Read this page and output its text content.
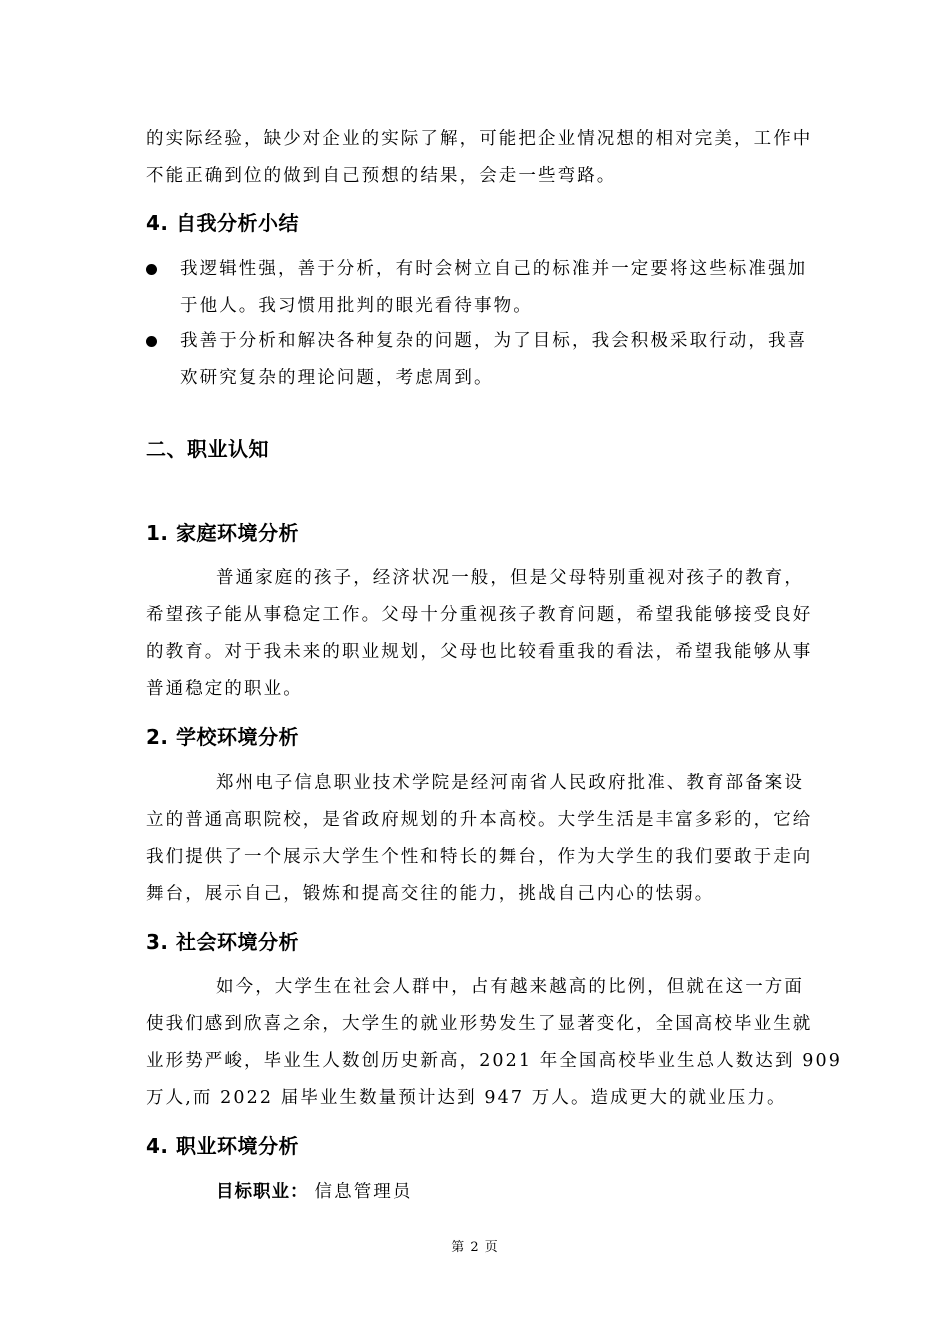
的实际经验，缺少对企业的实际了解，可能把企业情况想的相对完美，工作中
不能正确到位的做到自己预想的结果，会走一些弯路。
4. 自我分析小结
我逻辑性强，善于分析，有时会树立自己的标准并一定要将这些标准强加
于他人。我习惯用批判的眼光看待事物。
我善于分析和解决各种复杂的问题，为了目标，我会积极采取行动，我喜
欢研究复杂的理论问题，考虑周到。
二、职业认知
1. 家庭环境分析
普通家庭的孩子，经济状况一般，但是父母特别重视对孩子的教育，
希望孩子能从事稳定工作。父母十分重视孩子教育问题，希望我能够接受良好
的教育。对于我未来的职业规划，父母也比较看重我的看法，希望我能够从事
普通稳定的职业。
2. 学校环境分析
郑州电子信息职业技术学院是经河南省人民政府批准、教育部备案设
立的普通高职院校，是省政府规划的升本高校。大学生活是丰富多彩的，它给
我们提供了一个展示大学生个性和特长的舞台，作为大学生的我们要敢于走向
舞台，展示自己，锻炼和提高交往的能力，挑战自己内心的怯弱。
3. 社会环境分析
如今，大学生在社会人群中，占有越来越高的比例，但就在这一方面
使我们感到欣喜之余，大学生的就业形势发生了显著变化，全国高校毕业生就
业形势严峻，毕业生人数创历史新高，2021 年全国高校毕业生总人数达到 909
万人,而 2022 届毕业生数量预计达到 947 万人。造成更大的就业压力。
4. 职业环境分析
目标职业： 信息管理员
第 2 页
